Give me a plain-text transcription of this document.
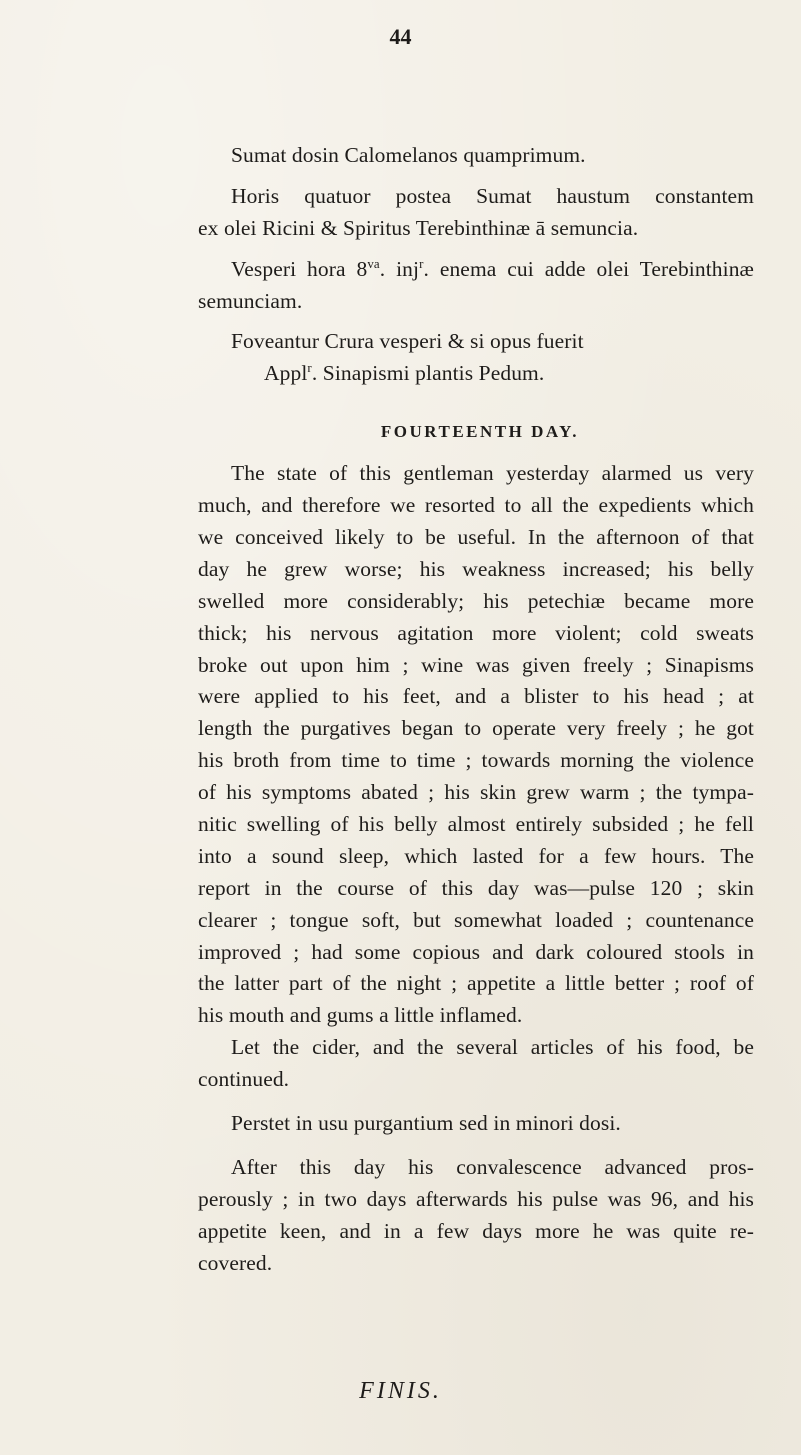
44
Sumat dosin Calomelanos quamprimum.
Horis quatuor postea Sumat haustum constantem
ex olei Ricini & Spiritus Terebinthinæ ā semuncia.
Vesperi hora $8^{va}$. inj$^r$. enema cui adde olei Terebinthinæ
semunciam.
Foveantur Crura vesperi & si opus fuerit
Appl$^r$. Sinapismi plantis Pedum.
FOURTEENTH DAY.
The state of this gentleman yesterday alarmed us very
much, and therefore we resorted to all the expedients which
we conceived likely to be useful. In the afternoon of that
day he grew worse; his weakness increased; his belly
swelled more considerably; his petechiæ became more
thick; his nervous agitation more violent; cold sweats
broke out upon him ; wine was given freely ; Sinapisms
were applied to his feet, and a blister to his head ; at
length the purgatives began to operate very freely ; he got
his broth from time to time ; towards morning the violence
of his symptoms abated ; his skin grew warm ; the tympa-
nitic swelling of his belly almost entirely subsided ; he fell
into a sound sleep, which lasted for a few hours. The
report in the course of this day was—pulse 120 ; skin
clearer ; tongue soft, but somewhat loaded ; countenance
improved ; had some copious and dark coloured stools in
the latter part of the night ; appetite a little better ; roof of
his mouth and gums a little inflamed.
Let the cider, and the several articles of his food, be
continued.
Perstet in usu purgantium sed in minori dosi.
After this day his convalescence advanced pros-
perously ; in two days afterwards his pulse was 96, and his
appetite keen, and in a few days more he was quite re-
covered.
FINIS.
